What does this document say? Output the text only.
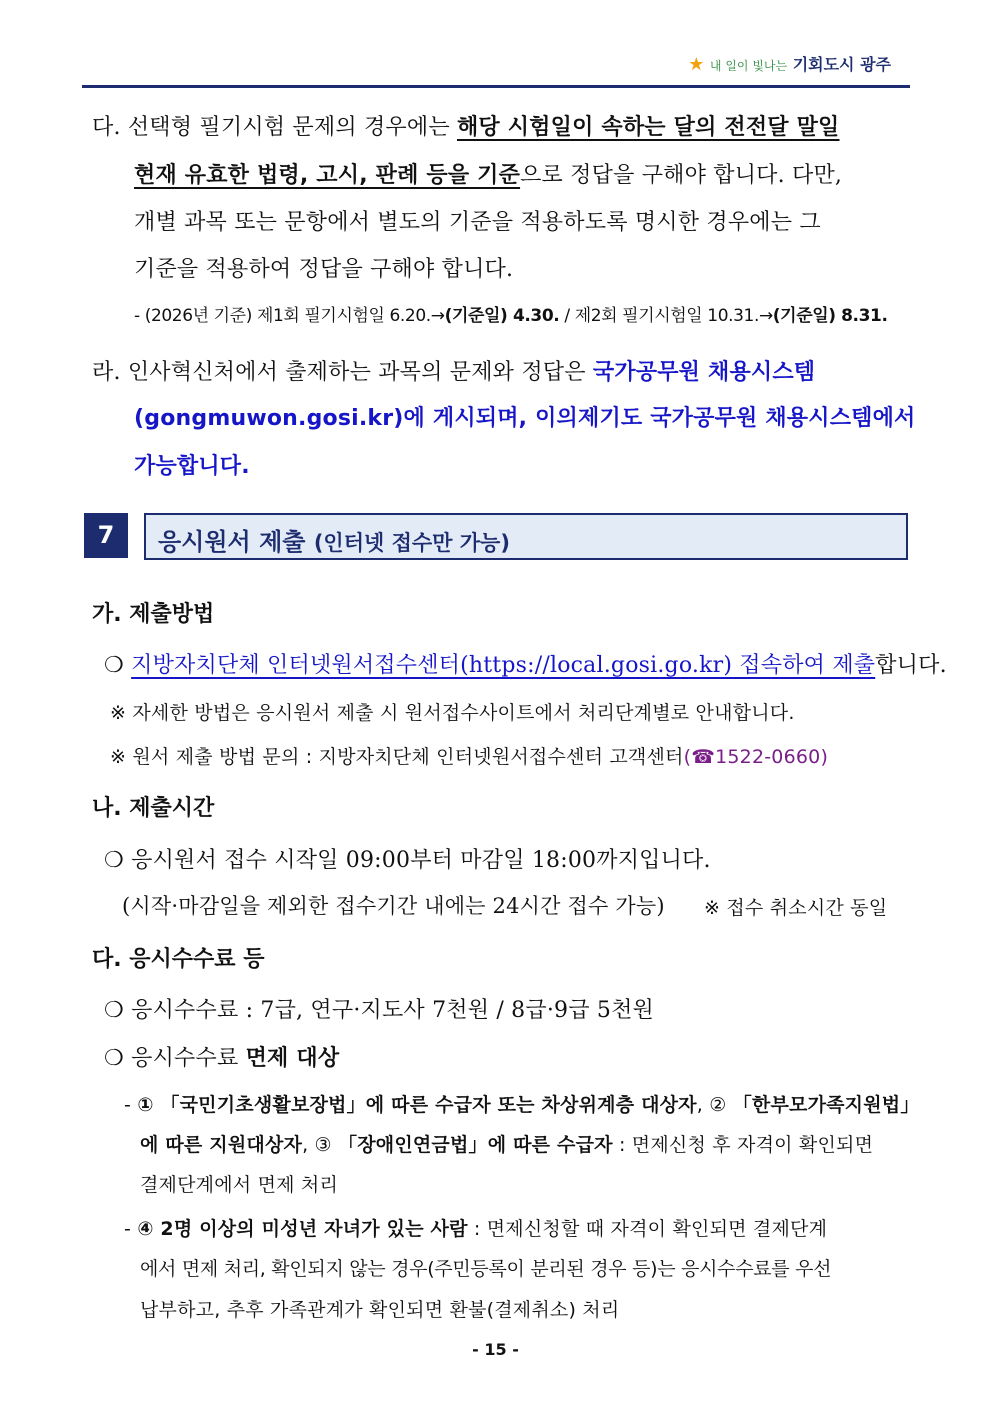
★ 내 일이 빛나는 기회도시 광주
다. 선택형 필기시험 문제의 경우에는 해당 시험일이 속하는 달의 전전달 말일
현재 유효한 법령, 고시, 판례 등을 기준으로 정답을 구해야 합니다. 다만,
개별 과목 또는 문항에서 별도의 기준을 적용하도록 명시한 경우에는 그
기준을 적용하여 정답을 구해야 합니다.
- (2026년 기준) 제1회 필기시험일 6.20.→(기준일) 4.30. / 제2회 필기시험일 10.31.→(기준일) 8.31.
라. 인사혁신처에서 출제하는 과목의 문제와 정답은 국가공무원 채용시스템
(gongmuwon.gosi.kr)에 게시되며, 이의제기도 국가공무원 채용시스템에서
가능합니다.
7	응시원서 제출 (인터넷 접수만 가능)
가. 제출방법
❍ 지방자치단체 인터넷원서접수센터(https://local.gosi.go.kr) 접속하여 제출합니다.
※ 자세한 방법은 응시원서 제출 시 원서접수사이트에서 처리단계별로 안내합니다.
※ 원서 제출 방법 문의 : 지방자치단체 인터넷원서접수센터 고객센터(☎1522-0660)
나. 제출시간
❍ 응시원서 접수 시작일 09:00부터 마감일 18:00까지입니다.
(시작·마감일을 제외한 접수기간 내에는 24시간 접수 가능) ※ 접수 취소시간 동일
다. 응시수수료 등
❍ 응시수수료 : 7급, 연구·지도사 7천원 / 8급·9급 5천원
❍ 응시수수료 면제 대상
- ① 「국민기초생활보장법」에 따른 수급자 또는 차상위계층 대상자, ② 「한부모가족지원법」
에 따른 지원대상자, ③ 「장애인연금법」에 따른 수급자 : 면제신청 후 자격이 확인되면
결제단계에서 면제 처리
- ④ 2명 이상의 미성년 자녀가 있는 사람 : 면제신청할 때 자격이 확인되면 결제단계
에서 면제 처리, 확인되지 않는 경우(주민등록이 분리된 경우 등)는 응시수수료를 우선
납부하고, 추후 가족관계가 확인되면 환불(결제취소) 처리
- 15 -
